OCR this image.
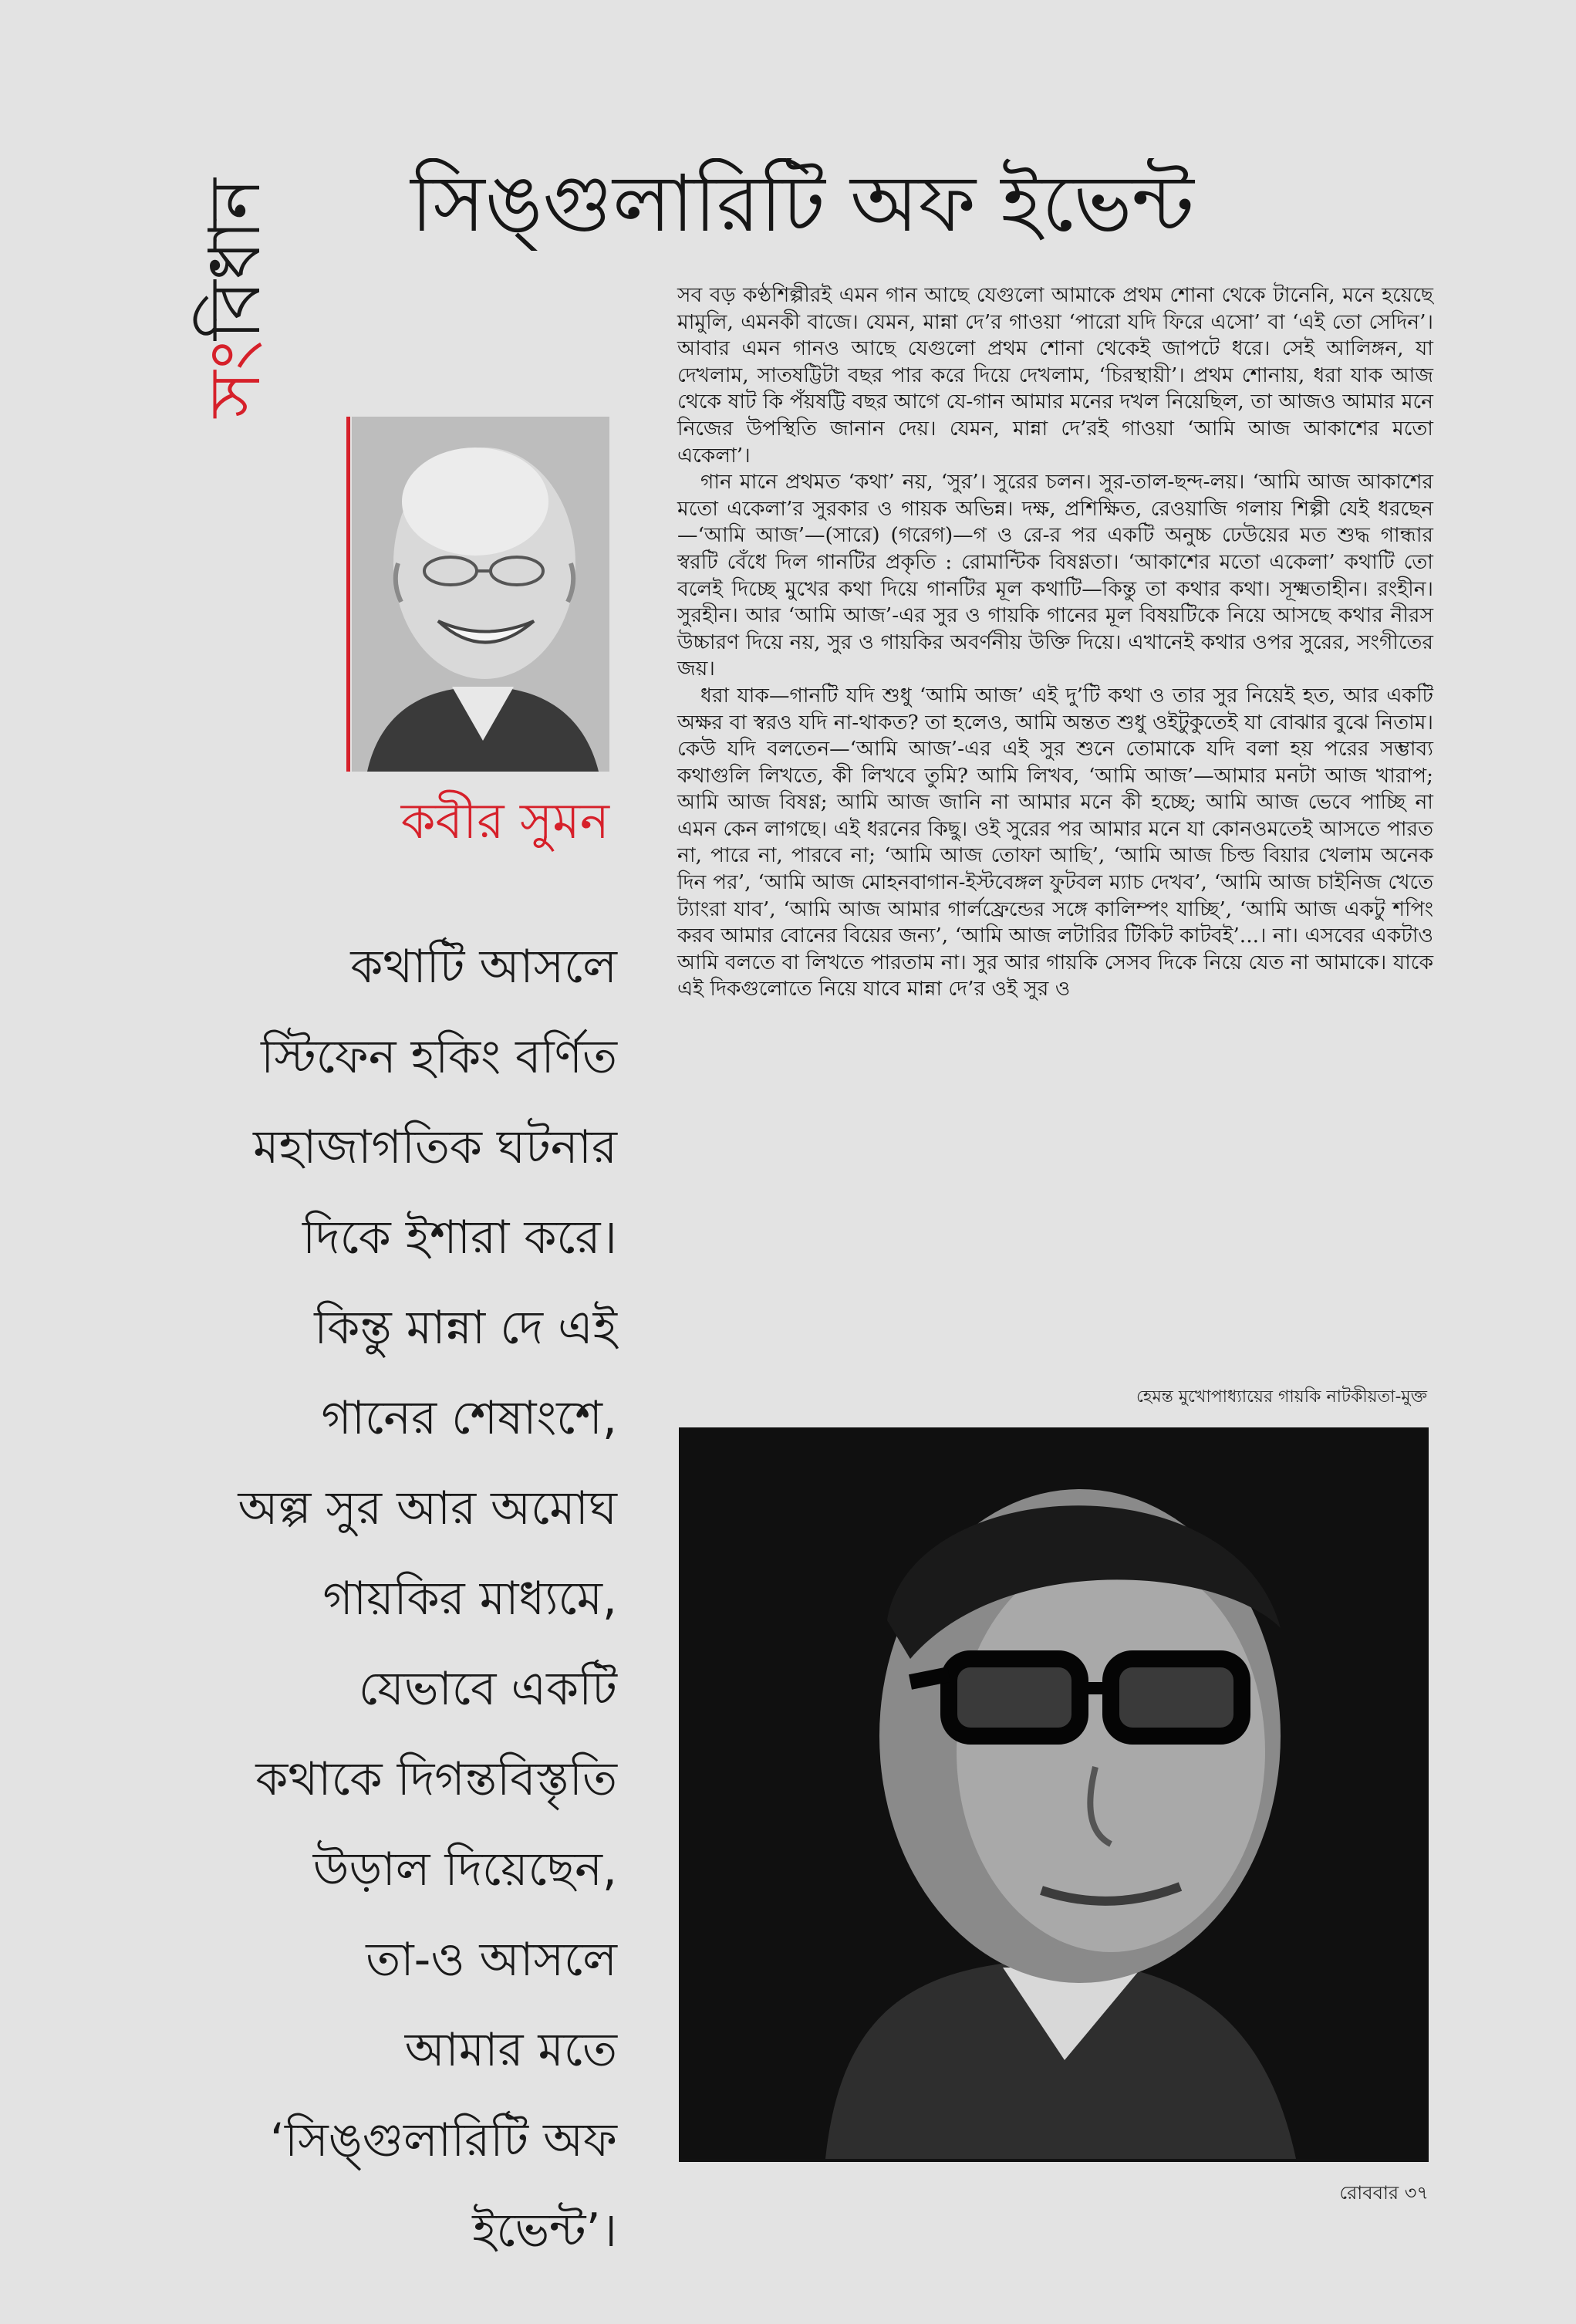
সিঙ্গুলারিটি অফ ইভেন্ট
সংবিধান
কবীর সুমন
কথাটি আসলে
স্টিফেন হকিং বর্ণিত
মহাজাগতিক ঘটনার
দিকে ইশারা করে।
কিন্তু মান্না দে এই
গানের শেষাংশে,
অল্প সুর আর অমোঘ
গায়কির মাধ্যমে,
যেভাবে একটি
কথাকে দিগন্তবিস্তৃতি
উড়াল দিয়েছেন,
তা-ও আসলে
আমার মতে
‘সিঙ্গুলারিটি অফ
ইভেন্ট’।

সব বড় কণ্ঠশিল্পীরই এমন গান আছে যেগুলো আমাকে প্রথম শোনা থেকে টানেনি, মনে হয়েছে মামুলি, এমনকী বাজে। যেমন, মান্না দে’র গাওয়া ‘পারো যদি ফিরে এসো’ বা ‘এই তো সেদিন’। আবার এমন গানও আছে যেগুলো প্রথম শোনা থেকেই জাপটে ধরে। সেই আলিঙ্গন, যা দেখলাম, সাতষট্টিটা বছর পার করে দিয়ে দেখলাম, ‘চিরস্থায়ী’। প্রথম শোনায়, ধরা যাক আজ থেকে ষাট কি পঁয়ষট্টি বছর আগে যে-গান আমার মনের দখল নিয়েছিল, তা আজও আমার মনে নিজের উপস্থিতি জানান দেয়। যেমন, মান্না দে’রই গাওয়া ‘আমি আজ আকাশের মতো একেলা’।

গান মানে প্রথমত ‘কথা’ নয়, ‘সুর’। সুরের চলন। সুর-তাল-ছন্দ-লয়। ‘আমি আজ আকাশের মতো একেলা’র সুরকার ও গায়ক অভিন্ন। দক্ষ, প্রশিক্ষিত, রেওয়াজি গলায় শিল্পী যেই ধরছেন—‘আমি আজ’—(সারে) (গরেগ)—গ ও রে-র পর একটি অনুচ্চ ঢেউয়ের মত শুদ্ধ গান্ধার স্বরটি বেঁধে দিল গানটির প্রকৃতি : রোমান্টিক বিষণ্ণতা। ‘আকাশের মতো একেলা’ কথাটি তো বলেই দিচ্ছে মুখের কথা দিয়ে গানটির মূল কথাটি—কিন্তু তা কথার কথা। সূক্ষ্মতাহীন। রংহীন। সুরহীন। আর ‘আমি আজ’-এর সুর ও গায়কি গানের মূল বিষয়টিকে নিয়ে আসছে কথার নীরস উচ্চারণ দিয়ে নয়, সুর ও গায়কির অবর্ণনীয় উক্তি দিয়ে। এখানেই কথার ওপর সুরের, সংগীতের জয়।

ধরা যাক—গানটি যদি শুধু ‘আমি আজ’ এই দু’টি কথা ও তার সুর নিয়েই হত, আর একটি অক্ষর বা স্বরও যদি না-থাকত? তা হলেও, আমি অন্তত শুধু ওইটুকুতেই যা বোঝার বুঝে নিতাম। কেউ যদি বলতেন—‘আমি আজ’-এর এই সুর শুনে তোমাকে যদি বলা হয় পরের সম্ভাব্য কথাগুলি লিখতে, কী লিখবে তুমি? আমি লিখব, ‘আমি আজ’—আমার মনটা আজ খারাপ; আমি আজ বিষণ্ণ; আমি আজ জানি না আমার মনে কী হচ্ছে; আমি আজ ভেবে পাচ্ছি না এমন কেন লাগছে। এই ধরনের কিছু। ওই সুরের পর আমার মনে যা কোনওমতেই আসতে পারত না, পারে না, পারবে না; ‘আমি আজ তোফা আছি’, ‘আমি আজ চিল্ড বিয়ার খেলাম অনেক দিন পর’, ‘আমি আজ মোহনবাগান-ইস্টবেঙ্গল ফুটবল ম্যাচ দেখব’, ‘আমি আজ চাইনিজ খেতে ট্যাংরা যাব’, ‘আমি আজ আমার গার্লফ্রেন্ডের সঙ্গে কালিম্পং যাচ্ছি’, ‘আমি আজ একটু শপিং করব আমার বোনের বিয়ের জন্য’, ‘আমি আজ লটারির টিকিট কাটবই’...। না। এসবের একটাও আমি বলতে বা লিখতে পারতাম না। সুর আর গায়কি সেসব দিকে নিয়ে যেত না আমাকে। যাকে এই দিকগুলোতে নিয়ে যাবে মান্না দে’র ওই সুর ও

হেমন্ত মুখোপাধ্যায়ের গায়কি নাটকীয়তা-মুক্ত
রোববার ৩৭
